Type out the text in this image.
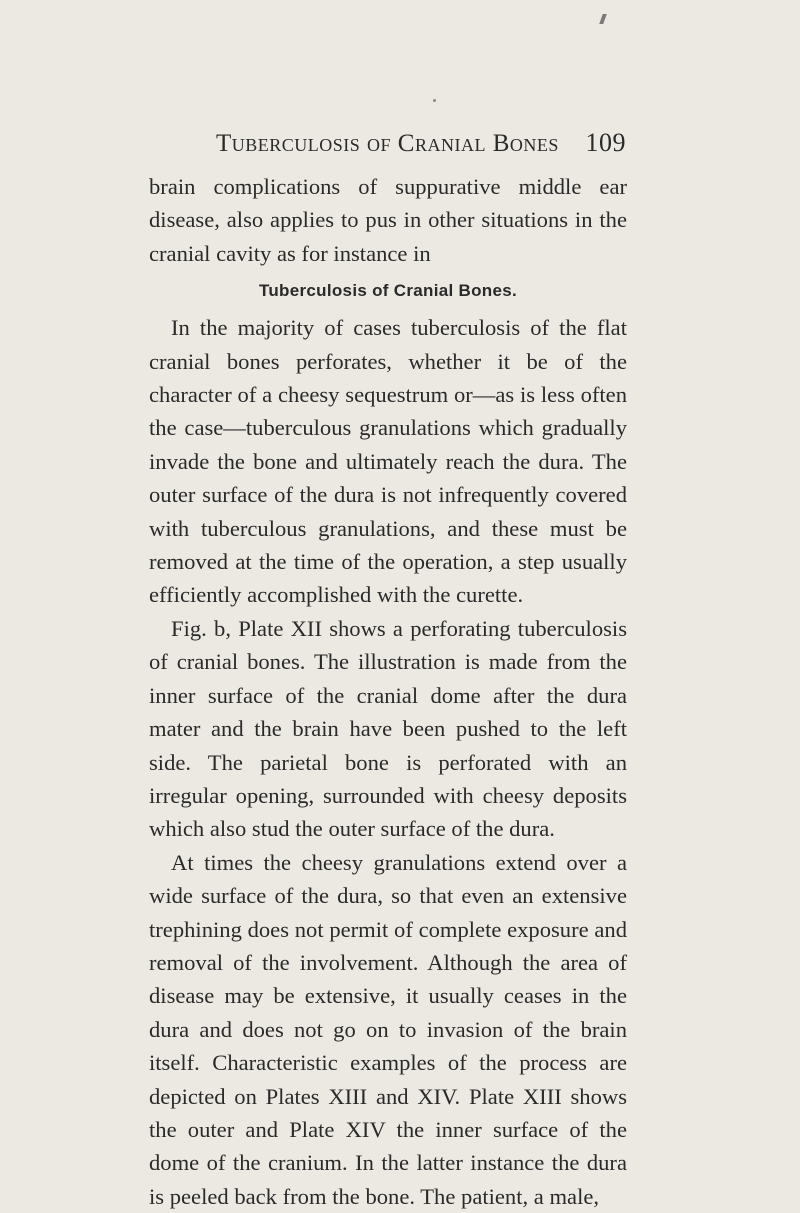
Tuberculosis of Cranial Bones 109

brain complications of suppurative middle ear disease, also applies to pus in other situations in the cranial cavity as for instance in

Tuberculosis of Cranial Bones.

In the majority of cases tuberculosis of the flat cranial bones perforates, whether it be of the character of a cheesy sequestrum or—as is less often the case—tuberculous granulations which gradually invade the bone and ultimately reach the dura. The outer surface of the dura is not infrequently covered with tuberculous granulations, and these must be removed at the time of the operation, a step usually efficiently accomplished with the curette.

Fig. b, Plate XII shows a perforating tuberculosis of cranial bones. The illustration is made from the inner surface of the cranial dome after the dura mater and the brain have been pushed to the left side. The parietal bone is perforated with an irregular opening, surrounded with cheesy deposits which also stud the outer surface of the dura.

At times the cheesy granulations extend over a wide surface of the dura, so that even an extensive trephining does not permit of complete exposure and removal of the involvement. Although the area of disease may be extensive, it usually ceases in the dura and does not go on to invasion of the brain itself. Characteristic examples of the process are depicted on Plates XIII and XIV. Plate XIII shows the outer and Plate XIV the inner surface of the dome of the cranium. In the latter instance the dura is peeled back from the bone. The patient, a male,
